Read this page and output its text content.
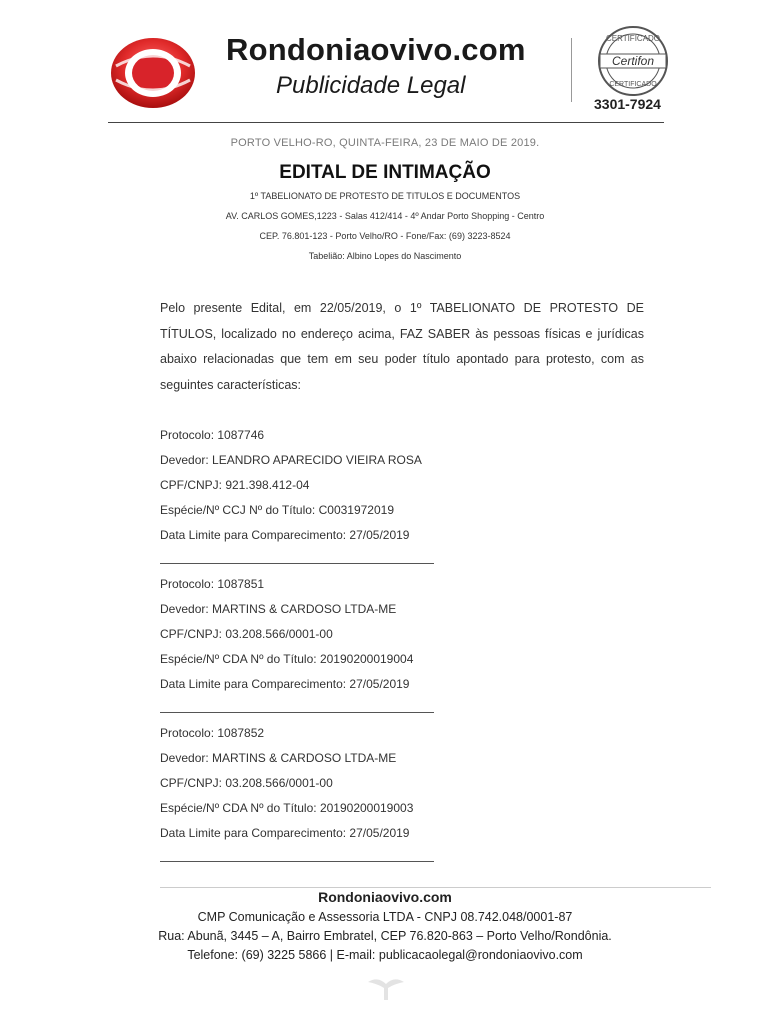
Rondoniaovivo.com
Publicidade Legal
CERTIFICADO
Certifon
CERTIFICADO
3301-7924
PORTO VELHO-RO, QUINTA-FEIRA, 23 DE MAIO DE 2019.
EDITAL DE INTIMAÇÃO
1º TABELIONATO DE PROTESTO DE TITULOS E DOCUMENTOS
AV. CARLOS GOMES,1223 - Salas 412/414 - 4º Andar Porto Shopping - Centro
CEP. 76.801-123 - Porto Velho/RO - Fone/Fax: (69) 3223-8524
Tabelião: Albino Lopes do Nascimento
Pelo presente Edital, em 22/05/2019, o 1º TABELIONATO DE PROTESTO DE TÍTULOS, localizado no endereço acima, FAZ SABER às pessoas físicas e jurídicas abaixo relacionadas que tem em seu poder título apontado para protesto, com as seguintes características:
Protocolo: 1087746
Devedor: LEANDRO APARECIDO VIEIRA ROSA
CPF/CNPJ: 921.398.412-04
Espécie/Nº CCJ Nº do Título: C0031972019
Data Limite para Comparecimento: 27/05/2019
Protocolo: 1087851
Devedor: MARTINS & CARDOSO LTDA-ME
CPF/CNPJ: 03.208.566/0001-00
Espécie/Nº CDA Nº do Título: 20190200019004
Data Limite para Comparecimento: 27/05/2019
Protocolo: 1087852
Devedor: MARTINS & CARDOSO LTDA-ME
CPF/CNPJ: 03.208.566/0001-00
Espécie/Nº CDA Nº do Título: 20190200019003
Data Limite para Comparecimento: 27/05/2019
Rondoniaovivo.com
CMP Comunicação e Assessoria LTDA - CNPJ 08.742.048/0001-87
Rua: Abunã, 3445 – A, Bairro Embratel, CEP 76.820-863 – Porto Velho/Rondônia.
Telefone: (69) 3225 5866 | E-mail: publicacaolegal@rondoniaovivo.com
